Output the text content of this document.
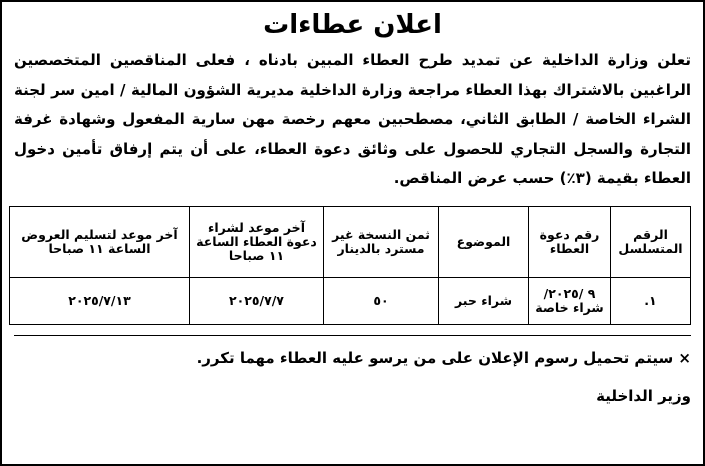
اعلان عطاءات

تعلن وزارة الداخلية عن تمديد طرح العطاء المبين بادناه ، فعلى المناقصين المتخصصين الراغبين بالاشتراك بهذا العطاء مراجعة وزارة الداخلية مديرية الشؤون المالية / امين سر لجنة الشراء الخاصة / الطابق الثاني، مصطحبين معهم رخصة مهن سارية المفعول وشهادة غرفة التجارة والسجل التجاري للحصول على وثائق دعوة العطاء، على أن يتم إرفاق تأمين دخول العطاء بقيمة (٣٪) حسب عرض المناقص.

الرقم المتسلسل	رقم دعوة العطاء	الموضوع	ثمن النسخة غير مسترد بالدينار	آخر موعد لشراء دعوة العطاء الساعة ١١ صباحا	آخر موعد لتسليم العروض الساعة ١١ صباحا
١.	٩ /٢٠٢٥/ شراء خاصة	شراء حبر	٥٠	٢٠٢٥/٧/٧	٢٠٢٥/٧/١٣

× سيتم تحميل رسوم الإعلان على من يرسو عليه العطاء مهما تكرر.

وزير الداخلية
